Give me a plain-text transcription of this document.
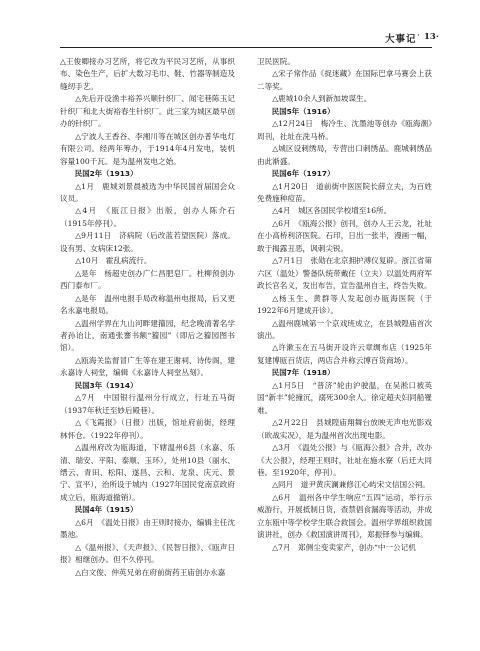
大事记 · 13·

△王俊卿接办习艺所，将它改为平民习艺所，从事织布、染色生产，后扩大数习毛巾、鞋、竹器等制造及缝纫手艺。

△先后开设渔丰裕养兴顺针织厂、闻宅巷陈玉记针织厂和北大街裕春生针织厂。此三家为城区最早创办的针织厂。

△宁波人王香谷、李湘川等在城区创办普华电灯有限公司。经两年筹办，于1914年4月发电，装机容量100千瓦。是为温州发电之始。

民国2年（1913）

△1月　鹿城刘景晨被选为中华民国首届国会众议员。

△4月　《瓯江日报》出版，创办人陈介石（1915年停刊）。

△9月11日　济病院（后改蓝若望医院）落成。设有男、女病床12张。

△10月　霍乱病流行。

△是年　杨超史创办广仁昌肥皂厂。杜柳预创办西门泰布厂。

△是年　温州电报手局改称温州电报局，后又更名永嘉电报局。

△温州学界在九山河畔建籀园，纪念晚清著名学者孙诒让，南通张謇书额“籀园”（即后之籀园图书馆）。

△瓯海关监督冒广生等在建王谢祠、诗传阁，建永嘉诗人祠堂，编辑《永嘉诗人祠堂丛刻》。

民国3年（1914）

△7月　中国银行温州分行成立，行址五马街（1937年秋迁至妙后殿巷）。

△《飞霞报》（日报）出版，馆址府前街，经理林怀仓。（1922年停刊）。

△温州府改为瓯海道，下辖温州6县（永嘉、乐清、瑞安、平阳、泰顺、玉环），处州10县（丽水、缙云、青田、松阳、遂昌、云和、龙泉、庆元、景宁、宣平），治所设于城内（1927年国民党南京政府成立后，瓯海道撤销）。

民国4年（1915）

△6月　《温处日报》由王则时接办，编辑主任沈墨池。

△《温州报》、《天声报》、《民智日报》、《瓯声日报》相继创办。但不久停刊。

△白文俊、仲英兄弟在府前街药王庙创办永嘉

卫民医院。

△宋子常作品《捉迷藏》在国际巴拿马赛会上获二等奖。

△鹿城10余人到新加坡谋生。

民国5年（1916）

△12月24日　梅冷生、沈墨池等创办《瓯海潮》周刊，社址在洗马桥。

△城区设刺绣局，专营出口刺绣品。鹿城刺绣品由此渐盛。

民国6年（1917）

△1月20日　道前街中医医院长薛立夫，为百姓免费施种痘苗。

△4月　城区各国民学校增至16所。

△6月　《瓯海公报》创刊，创办人王云龙，社址在小高桥利济医院。石印，日出一张半，漫画一幅，敢于揭露丑恶，讽刺尖锐。

△7月1日　张勋在北京拥护溥仪复辟。浙江省第六区（温处）警备队统带戴任（立夫）以温处两府军政长官名义，发出布告，宣告温州自主，终告失败。

△杨玉生、黄群等人发起创办瓯海医院（于1922年6月建成开诊）。

△温州鹿城第一个京戏班成立，在县城隍庙首次演出。

△许漱玉在五马街开设许云章绸布店（1925年复建博瓯百货店，两店合并称云博百货商场）。

民国7年（1918）

△1月5日　“普济”轮由沪驶温，在吴淞口被英国“新丰”轮撞沉，溺死300余人。徐定超夫妇同船罹难。

△2月22日　县城隍庙翔舞台放映无声电光影戏（欧战实况），是为温州首次出现电影。

△3月　《温处公报》与《瓯海公报》合并，改办《大公报》，经理王则时，社址在施水寮（后迁大同巷。至1920年，停刊）。

△同月　道尹黄庆澜兼修江心屿宋文信国公祠。

△6月　温州各中学生响应“五四”运动，举行示威游行，开展抵制日货，查禁倡食漏海等活动，并成立东瓯中等学校学生联合救国会。温州学界组织救国演讲社，创办《救国演讲周刊》，郑振铎参与编辑。

△7月　郑侧尘变卖家产，创办“中一公记机
